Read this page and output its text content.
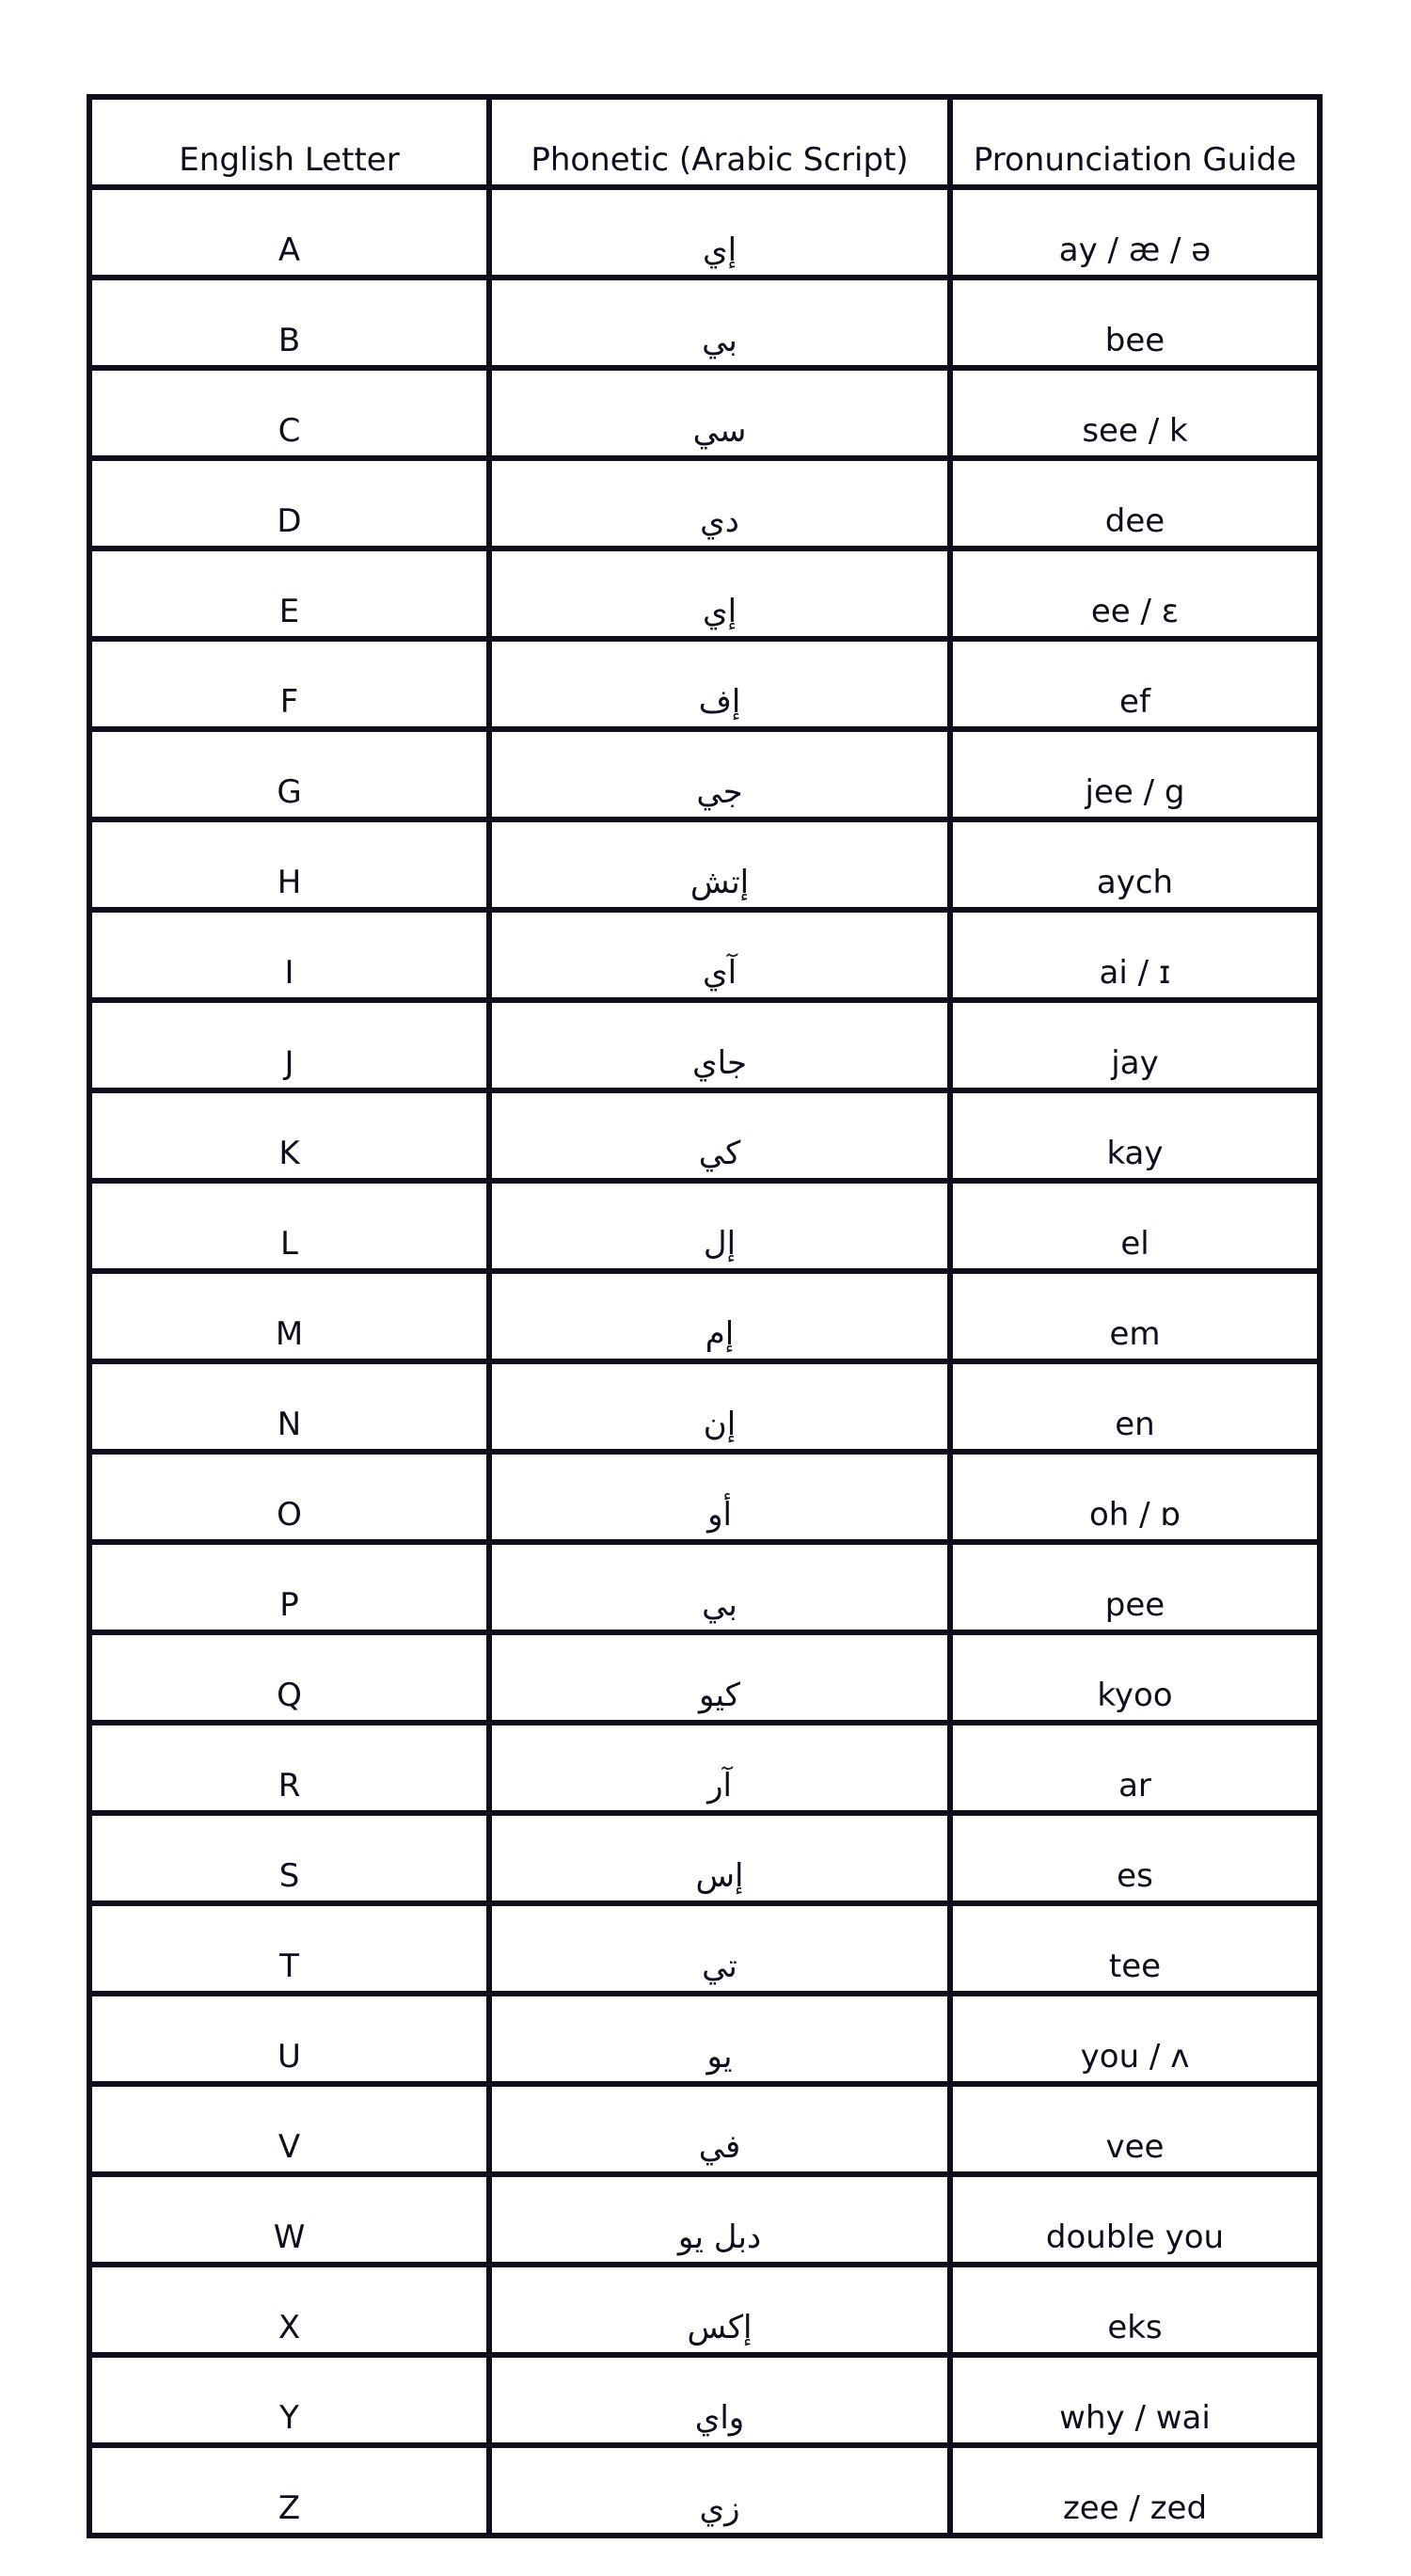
English Letter	Phonetic (Arabic Script)	Pronunciation Guide
A	إي	ay / æ / ə
B	بي	bee
C	سي	see / k
D	دي	dee
E	إي	ee / ɛ
F	إف	ef
G	جي	jee / g
H	إتش	aych
I	آي	ai / ɪ
J	جاي	jay
K	كي	kay
L	إل	el
M	إم	em
N	إن	en
O	أو	oh / ɒ
P	بي	pee
Q	كيو	kyoo
R	آر	ar
S	إس	es
T	تي	tee
U	يو	you / ʌ
V	في	vee
W	دبل يو	double you
X	إكس	eks
Y	واي	why / wai
Z	زي	zee / zed
